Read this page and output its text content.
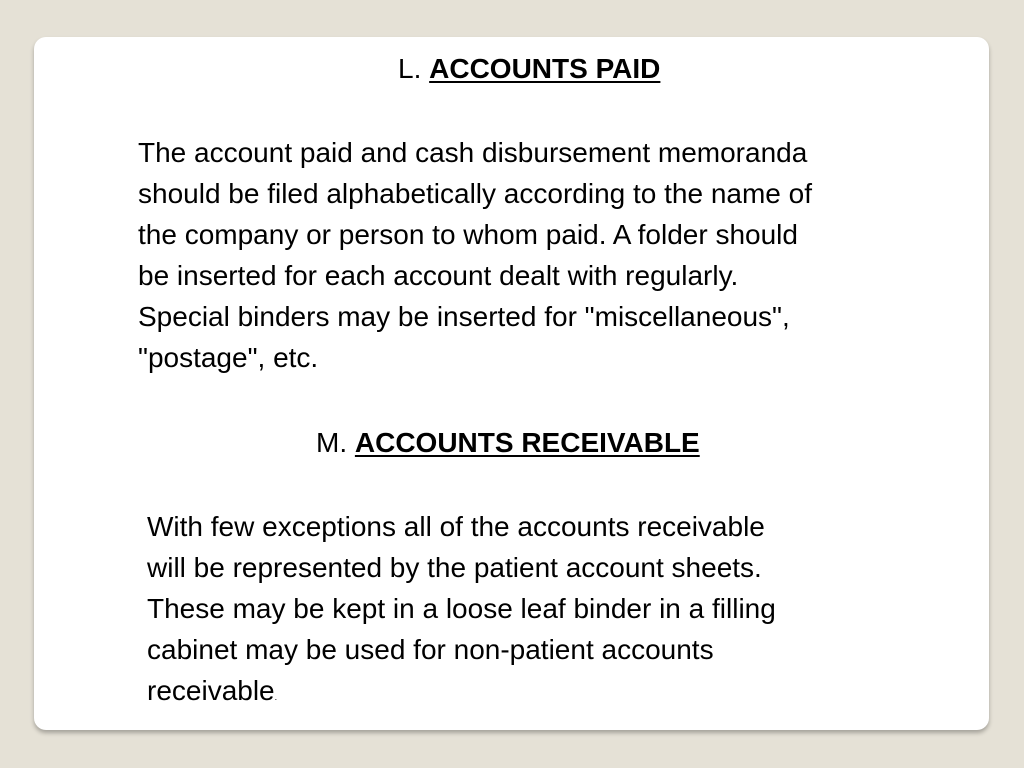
L. ACCOUNTS PAID
The account paid and cash disbursement memoranda
should be filed alphabetically according to the name of
the company or person to whom paid. A folder should
be inserted for each account dealt with regularly.
Special binders may be inserted for "miscellaneous",
"postage", etc.
M. ACCOUNTS RECEIVABLE
With few exceptions all of the accounts receivable
will be represented by the patient account sheets.
These may be kept in a loose leaf binder in a filling
cabinet may be used for non-patient accounts
receivable.
